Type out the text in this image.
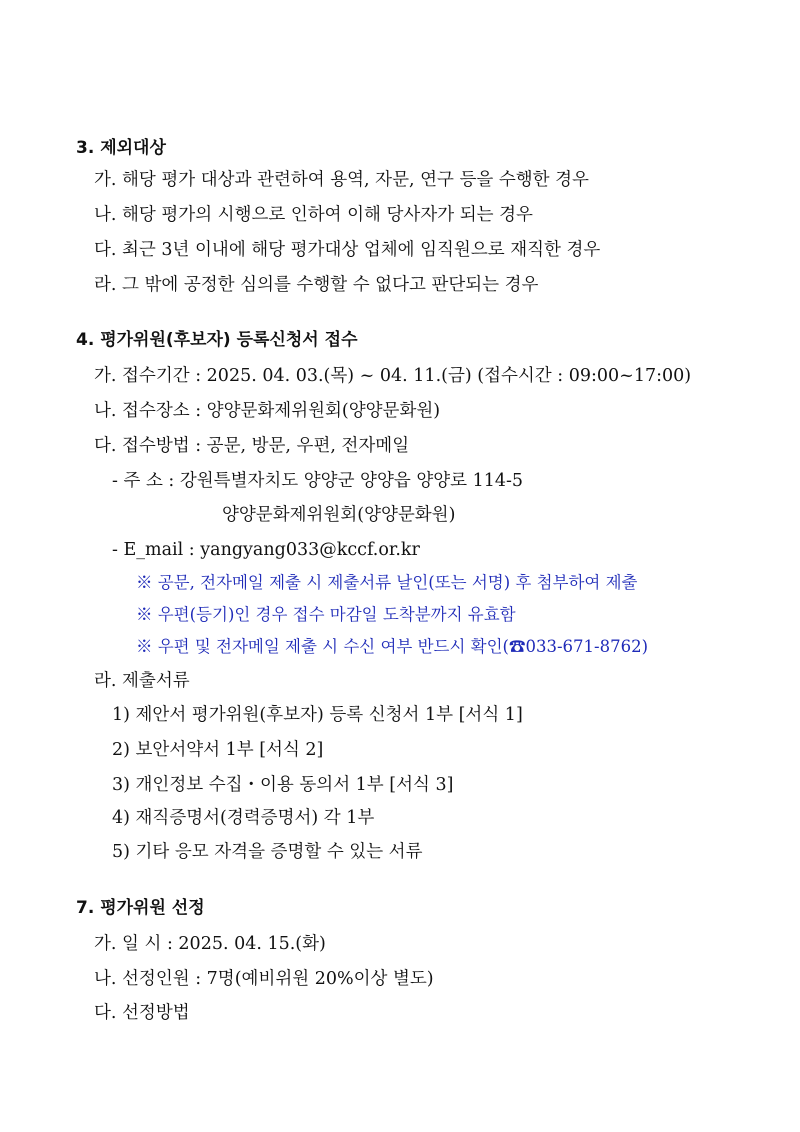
3. 제외대상
가. 해당 평가 대상과 관련하여 용역, 자문, 연구 등을 수행한 경우
나. 해당 평가의 시행으로 인하여 이해 당사자가 되는 경우
다. 최근 3년 이내에 해당 평가대상 업체에 임직원으로 재직한 경우
라. 그 밖에 공정한 심의를 수행할 수 없다고 판단되는 경우
4. 평가위원(후보자) 등록신청서 접수
가. 접수기간 : 2025. 04. 03.(목) ~ 04. 11.(금) (접수시간 : 09:00~17:00)
나. 접수장소 : 양양문화제위원회(양양문화원)
다. 접수방법 : 공문, 방문, 우편, 전자메일
- 주 소 : 강원특별자치도 양양군 양양읍 양양로 114-5
양양문화제위원회(양양문화원)
- E_mail : yangyang033@kccf.or.kr
※ 공문, 전자메일 제출 시 제출서류 날인(또는 서명) 후 첨부하여 제출
※ 우편(등기)인 경우 접수 마감일 도착분까지 유효함
※ 우편 및 전자메일 제출 시 수신 여부 반드시 확인(☎033-671-8762)
라. 제출서류
1) 제안서 평가위원(후보자) 등록 신청서 1부 [서식 1]
2) 보안서약서 1부 [서식 2]
3) 개인정보 수집・이용 동의서 1부 [서식 3]
4) 재직증명서(경력증명서) 각 1부
5) 기타 응모 자격을 증명할 수 있는 서류
7. 평가위원 선정
가. 일 시 : 2025. 04. 15.(화)
나. 선정인원 : 7명(예비위원 20%이상 별도)
다. 선정방법
